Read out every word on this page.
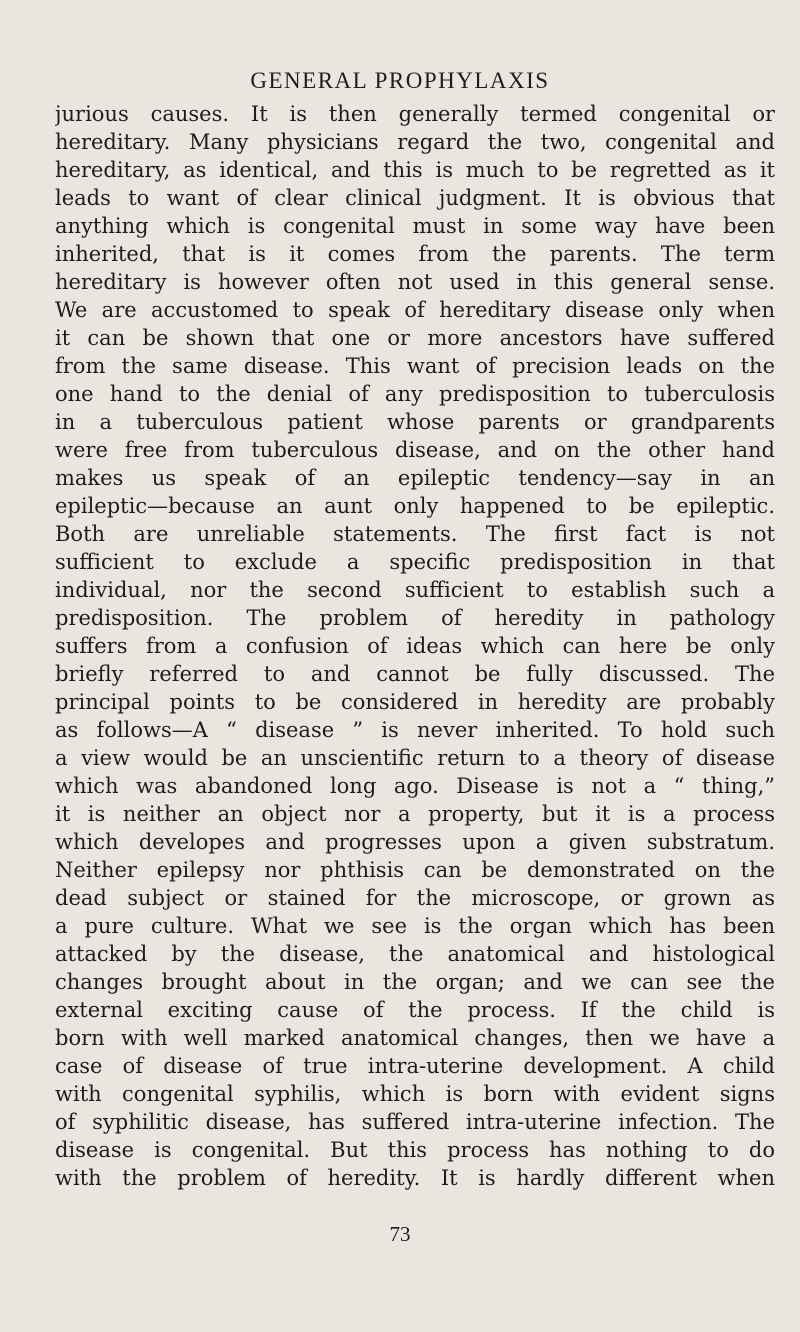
GENERAL PROPHYLAXIS
jurious causes. It is then generally termed congenital or
hereditary. Many physicians regard the two, congenital and
hereditary, as identical, and this is much to be regretted as it
leads to want of clear clinical judgment. It is obvious that
anything which is congenital must in some way have been
inherited, that is it comes from the parents. The term
hereditary is however often not used in this general sense.
We are accustomed to speak of hereditary disease only when
it can be shown that one or more ancestors have suffered
from the same disease. This want of precision leads on the
one hand to the denial of any predisposition to tuberculosis
in a tuberculous patient whose parents or grandparents
were free from tuberculous disease, and on the other hand
makes us speak of an epileptic tendency—say in an
epileptic—because an aunt only happened to be epileptic.
Both are unreliable statements. The first fact is not
sufficient to exclude a specific predisposition in that
individual, nor the second sufficient to establish such a
predisposition. The problem of heredity in pathology
suffers from a confusion of ideas which can here be only
briefly referred to and cannot be fully discussed. The
principal points to be considered in heredity are probably
as follows—A “ disease ” is never inherited. To hold such
a view would be an unscientific return to a theory of disease
which was abandoned long ago. Disease is not a “ thing,”
it is neither an object nor a property, but it is a process
which developes and progresses upon a given substratum.
Neither epilepsy nor phthisis can be demonstrated on the
dead subject or stained for the microscope, or grown as
a pure culture. What we see is the organ which has been
attacked by the disease, the anatomical and histological
changes brought about in the organ; and we can see the
external exciting cause of the process. If the child is
born with well marked anatomical changes, then we have a
case of disease of true intra-uterine development. A child
with congenital syphilis, which is born with evident signs
of syphilitic disease, has suffered intra-uterine infection. The
disease is congenital. But this process has nothing to do
with the problem of heredity. It is hardly different when
73
